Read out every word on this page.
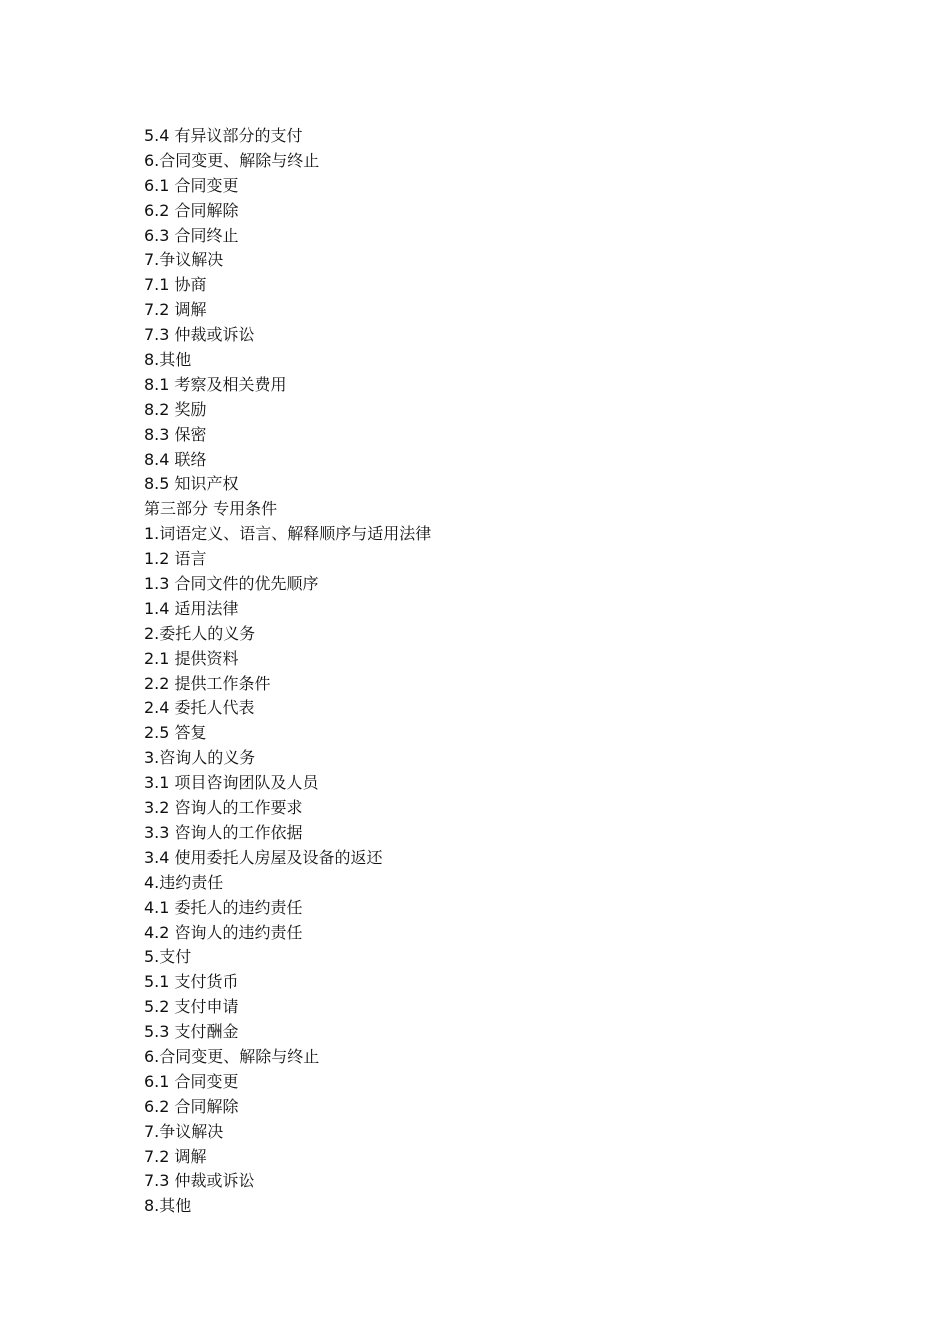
5.4 有异议部分的支付
6.合同变更、解除与终止
6.1 合同变更
6.2 合同解除
6.3 合同终止
7.争议解决
7.1 协商
7.2 调解
7.3 仲裁或诉讼
8.其他
8.1 考察及相关费用
8.2 奖励
8.3 保密
8.4 联络
8.5 知识产权
第三部分 专用条件
1.词语定义、语言、解释顺序与适用法律
1.2 语言
1.3 合同文件的优先顺序
1.4 适用法律
2.委托人的义务
2.1 提供资料
2.2 提供工作条件
2.4 委托人代表
2.5 答复
3.咨询人的义务
3.1 项目咨询团队及人员
3.2 咨询人的工作要求
3.3 咨询人的工作依据
3.4 使用委托人房屋及设备的返还
4.违约责任
4.1 委托人的违约责任
4.2 咨询人的违约责任
5.支付
5.1 支付货币
5.2 支付申请
5.3 支付酬金
6.合同变更、解除与终止
6.1 合同变更
6.2 合同解除
7.争议解决
7.2 调解
7.3 仲裁或诉讼
8.其他
